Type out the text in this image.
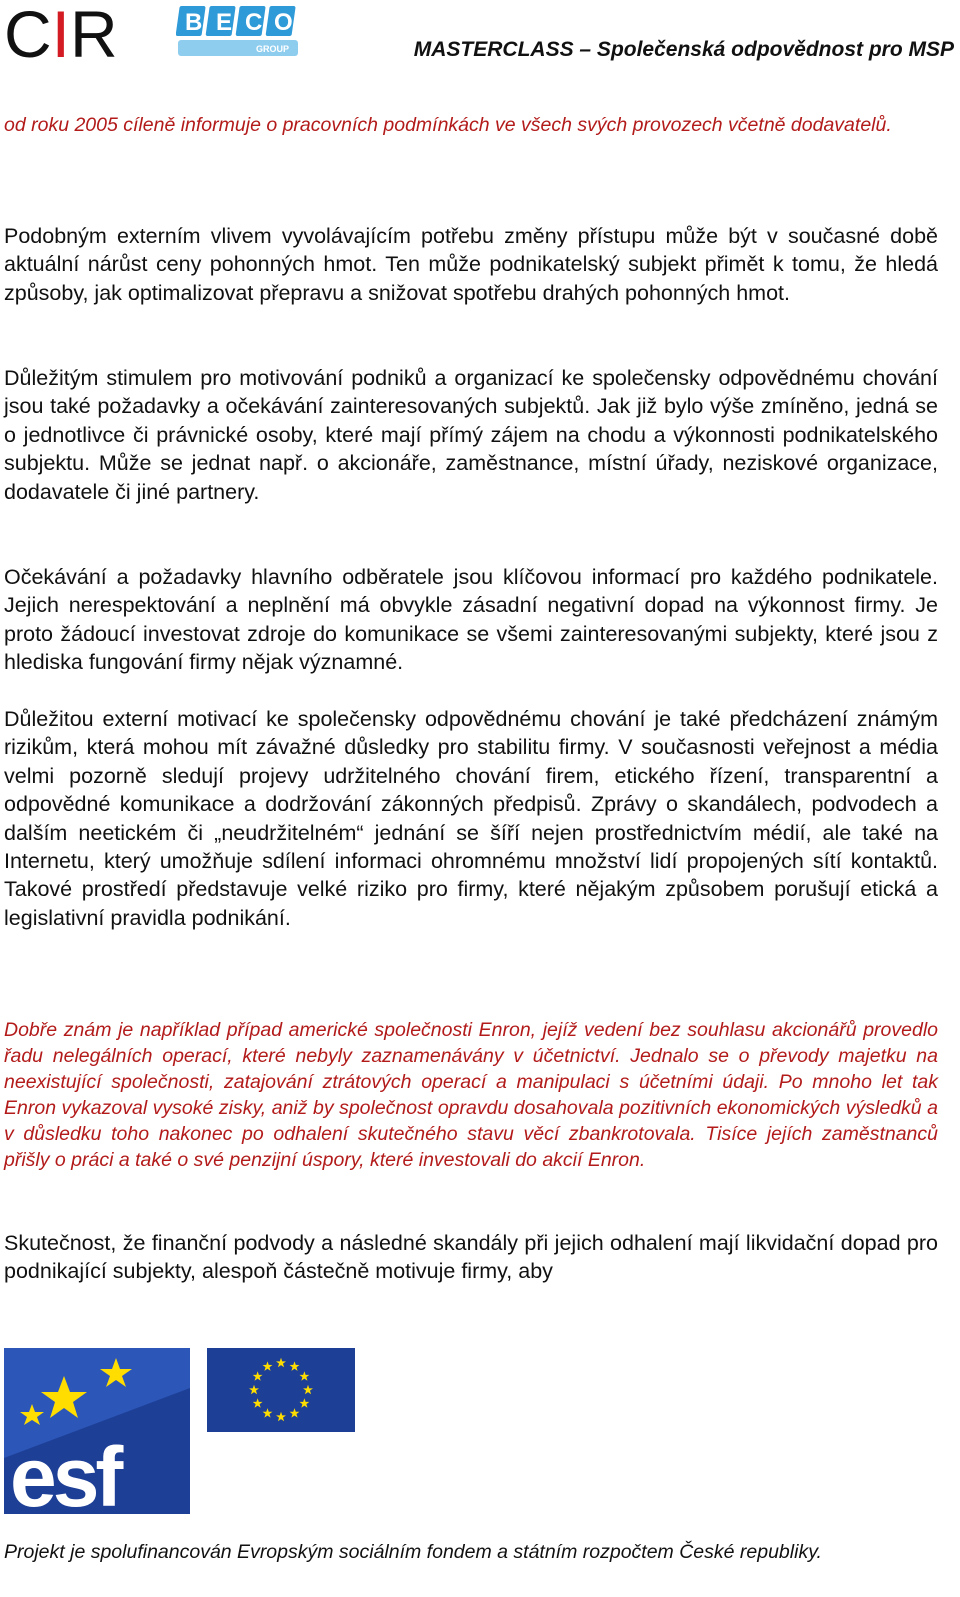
CIR	B E C O
GROUP	MASTERCLASS – Společenská odpovědnost pro MSP

od roku 2005 cíleně informuje o pracovních podmínkách ve všech svých provozech včetně dodavatelů.

Podobným externím vlivem vyvolávajícím potřebu změny přístupu může být v současné době aktuální nárůst ceny pohonných hmot. Ten může podnikatelský subjekt přimět k tomu, že hledá způsoby, jak optimalizovat přepravu a snižovat spotřebu drahých pohonných hmot.

Důležitým stimulem pro motivování podniků a organizací ke společensky odpovědnému chování jsou také požadavky a očekávání zainteresovaných subjektů. Jak již bylo výše zmíněno, jedná se o jednotlivce či právnické osoby, které mají přímý zájem na chodu a výkonnosti podnikatelského subjektu. Může se jednat např. o akcionáře, zaměstnance, místní úřady, neziskové organizace, dodavatele či jiné partnery.

Očekávání a požadavky hlavního odběratele jsou klíčovou informací pro každého podnikatele. Jejich nerespektování a neplnění má obvykle zásadní negativní dopad na výkonnost firmy. Je proto žádoucí investovat zdroje do komunikace se všemi zainteresovanými subjekty, které jsou z hlediska fungování firmy nějak významné.

Důležitou externí motivací ke společensky odpovědnému chování je také předcházení známým rizikům, která mohou mít závažné důsledky pro stabilitu firmy. V současnosti veřejnost a média velmi pozorně sledují projevy udržitelného chování firem, etického řízení, transparentní a odpovědné komunikace a dodržování zákonných předpisů. Zprávy o skandálech, podvodech a dalším neetickém či „neudržitelném“ jednání se šíří nejen prostřednictvím médií, ale také na Internetu, který umožňuje sdílení informaci ohromnému množství lidí propojených sítí kontaktů. Takové prostředí představuje velké riziko pro firmy, které nějakým způsobem porušují etická a legislativní pravidla podnikání.

Dobře znám je například případ americké společnosti Enron, jejíž vedení bez souhlasu akcionářů provedlo řadu nelegálních operací, které nebyly zaznamenávány v účetnictví. Jednalo se o převody majetku na neexistující společnosti, zatajování ztrátových operací a manipulaci s účetními údaji. Po mnoho let tak Enron vykazoval vysoké zisky, aniž by společnost opravdu dosahovala pozitivních ekonomických výsledků a v důsledku toho nakonec po odhalení skutečného stavu věcí zbankrotovala. Tisíce jejích zaměstnanců přišly o práci a také o své penzijní úspory, které investovali do akcií Enron.

Skutečnost, že finanční podvody a následné skandály při jejich odhalení mají likvidační dopad pro podnikající subjekty, alespoň částečně motivuje firmy, aby

esf
Projekt je spolufinancován Evropským sociálním fondem a státním rozpočtem České republiky.
